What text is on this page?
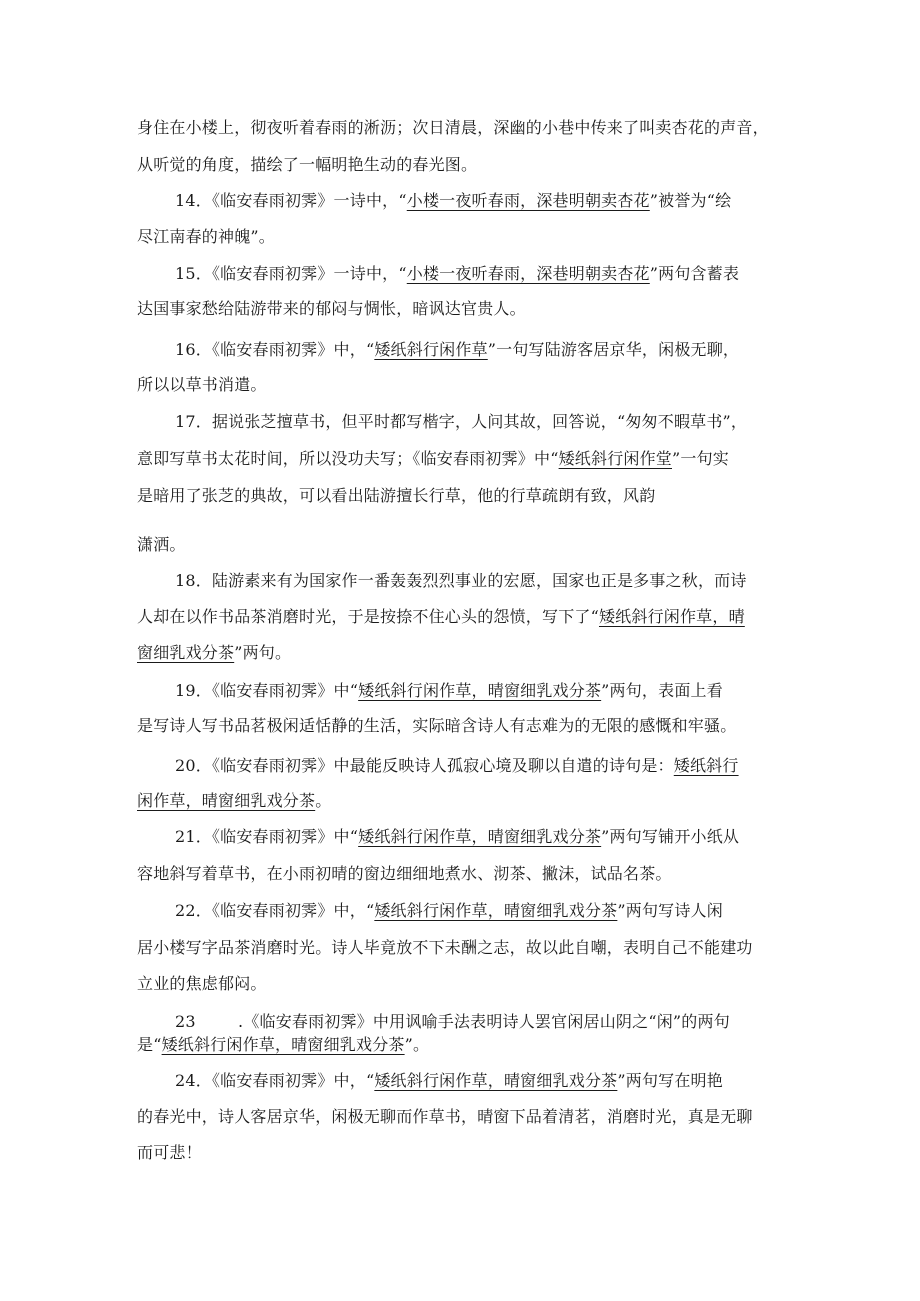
身住在小楼上，彻夜听着春雨的淅沥；次日清晨，深幽的小巷中传来了叫卖杏花的声音，
从听觉的角度，描绘了一幅明艳生动的春光图。
14．《临安春雨初霁》一诗中，“小楼一夜听春雨，深巷明朝卖杏花”被誉为“绘
尽江南春的神魄”。
15．《临安春雨初霁》一诗中，“小楼一夜听春雨，深巷明朝卖杏花”两句含蓄表
达国事家愁给陆游带来的郁闷与惆怅，暗讽达官贵人。
16．《临安春雨初霁》中，“矮纸斜行闲作草”一句写陆游客居京华，闲极无聊，
所以以草书消遣。
17．据说张芝擅草书，但平时都写楷字，人问其故，回答说，“匆匆不暇草书”，
意即写草书太花时间，所以没功夫写；《临安春雨初霁》中“矮纸斜行闲作堂”一句实
是暗用了张芝的典故，可以看出陆游擅长行草，他的行草疏朗有致，风韵
潇洒。
18．陆游素来有为国家作一番轰轰烈烈事业的宏愿，国家也正是多事之秋，而诗
人却在以作书品茶消磨时光，于是按捺不住心头的怨愤，写下了“矮纸斜行闲作草，晴
窗细乳戏分茶”两句。
19．《临安春雨初霁》中“矮纸斜行闲作草，晴窗细乳戏分茶”两句，表面上看
是写诗人写书品茗极闲适恬静的生活，实际暗含诗人有志难为的无限的感慨和牢骚。
20．《临安春雨初霁》中最能反映诗人孤寂心境及聊以自遣的诗句是：矮纸斜行
闲作草，晴窗细乳戏分茶。
21．《临安春雨初霁》中“矮纸斜行闲作草，晴窗细乳戏分茶”两句写铺开小纸从
容地斜写着草书，在小雨初晴的窗边细细地煮水、沏茶、撇沫，试品名茶。
22．《临安春雨初霁》中，“矮纸斜行闲作草，晴窗细乳戏分茶”两句写诗人闲
居小楼写字品茶消磨时光。诗人毕竟放不下未酬之志，故以此自嘲，表明自己不能建功
立业的焦虑郁闷。
23        .《临安春雨初霁》中用讽喻手法表明诗人罢官闲居山阴之“闲”的两句
是“矮纸斜行闲作草，晴窗细乳戏分茶”。
24．《临安春雨初霁》中，“矮纸斜行闲作草，晴窗细乳戏分茶”两句写在明艳
的春光中，诗人客居京华，闲极无聊而作草书，晴窗下品着清茗，消磨时光，真是无聊
而可悲！
